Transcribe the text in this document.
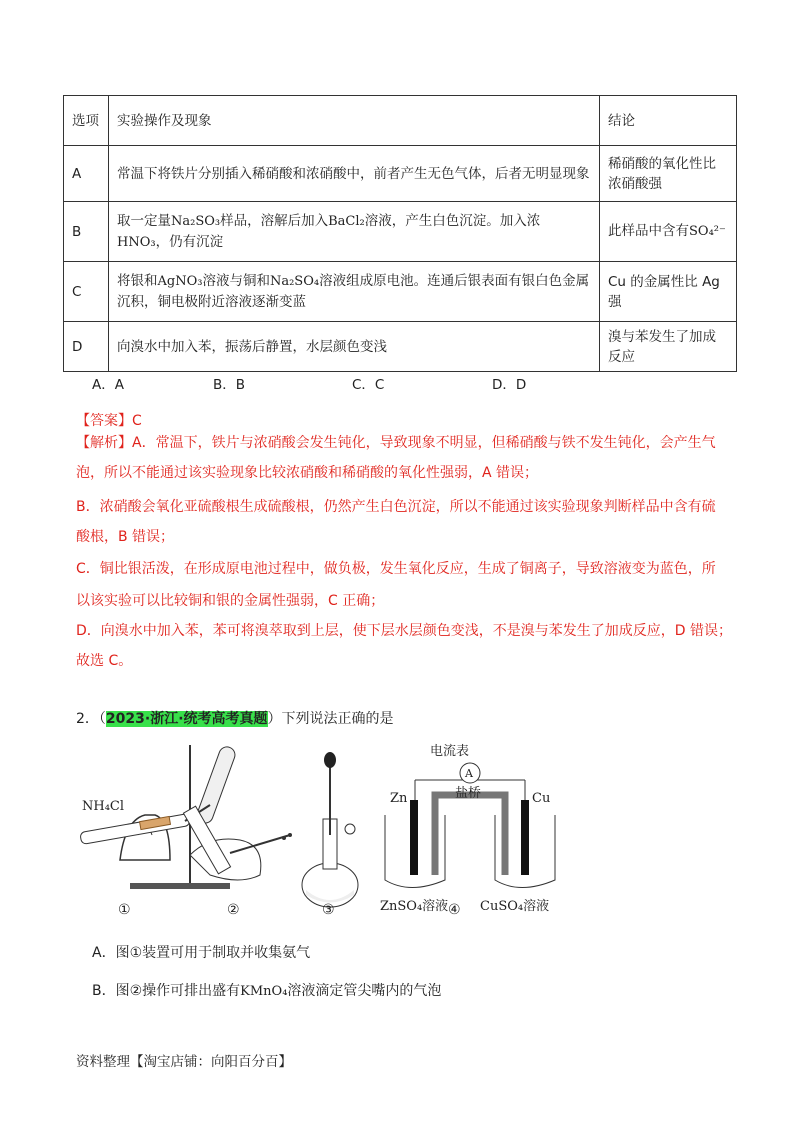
选项	实验操作及现象	结论
A	常温下将铁片分别插入稀硝酸和浓硝酸中，前者产生无色气体，后者无明显现象	稀硝酸的氧化性比浓硝酸强
B	取一定量Na₂SO₃样品，溶解后加入BaCl₂溶液，产生白色沉淀。加入浓HNO₃，仍有沉淀	此样品中含有SO₄²⁻
C	将银和AgNO₃溶液与铜和Na₂SO₄溶液组成原电池。连通后银表面有银白色金属沉积，铜电极附近溶液逐渐变蓝	Cu 的金属性比 Ag 强
D	向溴水中加入苯，振荡后静置，水层颜色变浅	溴与苯发生了加成反应
A．A	B．B	C．C	D．D
【答案】C
【解析】A．常温下，铁片与浓硝酸会发生钝化，导致现象不明显，但稀硝酸与铁不发生钝化，会产生气
泡，所以不能通过该实验现象比较浓硝酸和稀硝酸的氧化性强弱，A 错误；
B．浓硝酸会氧化亚硫酸根生成硫酸根，仍然产生白色沉淀，所以不能通过该实验现象判断样品中含有硫
酸根，B 错误；
C．铜比银活泼，在形成原电池过程中，做负极，发生氧化反应，生成了铜离子，导致溶液变为蓝色，所
以该实验可以比较铜和银的金属性强弱，C 正确；
D．向溴水中加入苯，苯可将溴萃取到上层，使下层水层颜色变浅，不是溴与苯发生了加成反应，D 错误；
故选 C。
2．（2023·浙江·统考高考真题）下列说法正确的是
NH₄Cl
A
电流表
Zn	Cu
盐桥
ZnSO₄溶液 CuSO₄溶液
①	②	③	④
A．图①装置可用于制取并收集氨气
B．图②操作可排出盛有KMnO₄溶液滴定管尖嘴内的气泡
资料整理【淘宝店铺：向阳百分百】
